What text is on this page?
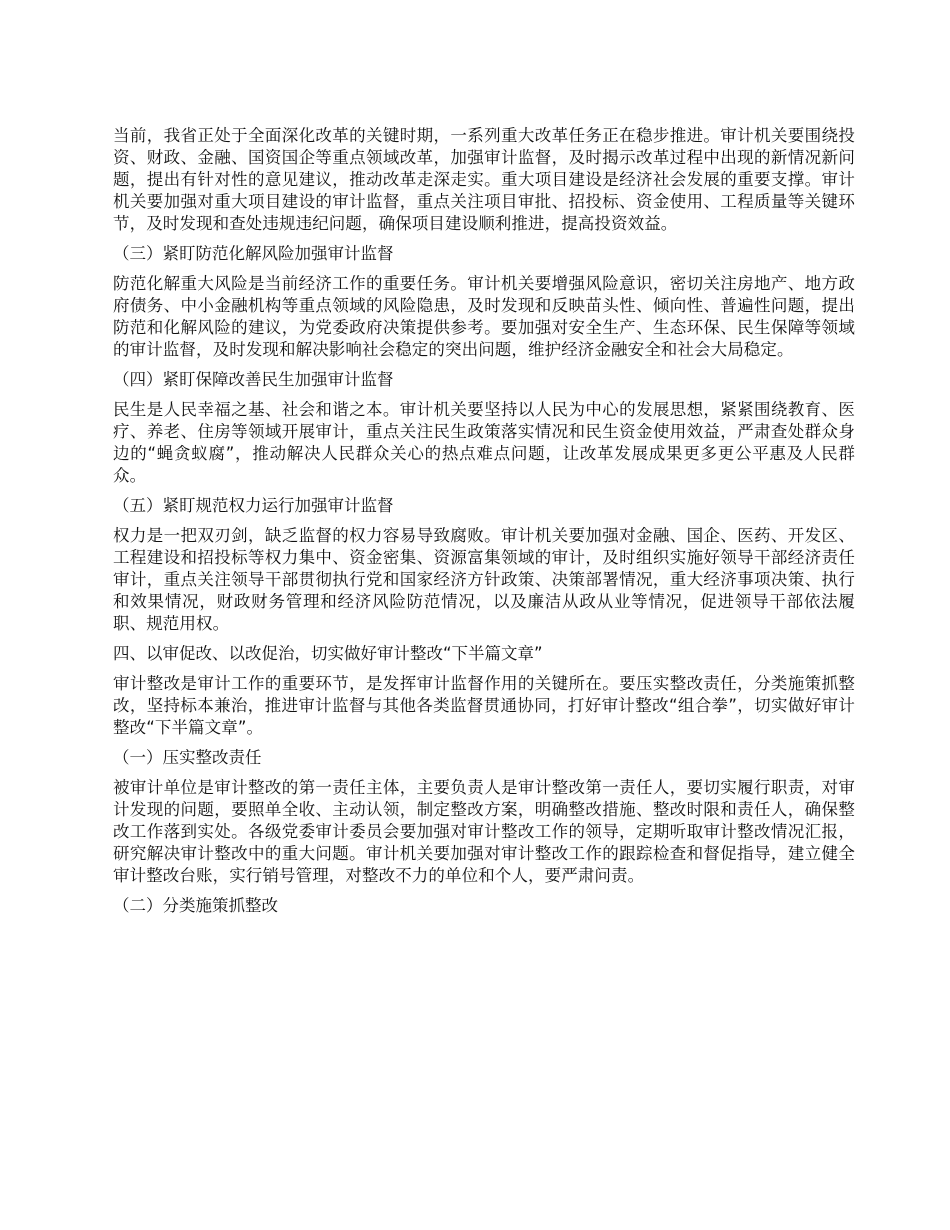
当前，我省正处于全面深化改革的关键时期，一系列重大改革任务正在稳步推进。审计机关要围绕投资、财政、金融、国资国企等重点领域改革，加强审计监督，及时揭示改革过程中出现的新情况新问题，提出有针对性的意见建议，推动改革走深走实。重大项目建设是经济社会发展的重要支撑。审计机关要加强对重大项目建设的审计监督，重点关注项目审批、招投标、资金使用、工程质量等关键环节，及时发现和查处违规违纪问题，确保项目建设顺利推进，提高投资效益。

（三）紧盯防范化解风险加强审计监督

防范化解重大风险是当前经济工作的重要任务。审计机关要增强风险意识，密切关注房地产、地方政府债务、中小金融机构等重点领域的风险隐患，及时发现和反映苗头性、倾向性、普遍性问题，提出防范和化解风险的建议，为党委政府决策提供参考。要加强对安全生产、生态环保、民生保障等领域的审计监督，及时发现和解决影响社会稳定的突出问题，维护经济金融安全和社会大局稳定。

（四）紧盯保障改善民生加强审计监督

民生是人民幸福之基、社会和谐之本。审计机关要坚持以人民为中心的发展思想，紧紧围绕教育、医疗、养老、住房等领域开展审计，重点关注民生政策落实情况和民生资金使用效益，严肃查处群众身边的“蝇贪蚁腐”，推动解决人民群众关心的热点难点问题，让改革发展成果更多更公平惠及人民群众。

（五）紧盯规范权力运行加强审计监督

权力是一把双刃剑，缺乏监督的权力容易导致腐败。审计机关要加强对金融、国企、医药、开发区、工程建设和招投标等权力集中、资金密集、资源富集领域的审计，及时组织实施好领导干部经济责任审计，重点关注领导干部贯彻执行党和国家经济方针政策、决策部署情况，重大经济事项决策、执行和效果情况，财政财务管理和经济风险防范情况，以及廉洁从政从业等情况，促进领导干部依法履职、规范用权。

四、以审促改、以改促治，切实做好审计整改“下半篇文章”

审计整改是审计工作的重要环节，是发挥审计监督作用的关键所在。要压实整改责任，分类施策抓整改，坚持标本兼治，推进审计监督与其他各类监督贯通协同，打好审计整改“组合拳”，切实做好审计整改“下半篇文章”。

（一）压实整改责任

被审计单位是审计整改的第一责任主体，主要负责人是审计整改第一责任人，要切实履行职责，对审计发现的问题，要照单全收、主动认领，制定整改方案，明确整改措施、整改时限和责任人，确保整改工作落到实处。各级党委审计委员会要加强对审计整改工作的领导，定期听取审计整改情况汇报，研究解决审计整改中的重大问题。审计机关要加强对审计整改工作的跟踪检查和督促指导，建立健全审计整改台账，实行销号管理，对整改不力的单位和个人，要严肃问责。

（二）分类施策抓整改
